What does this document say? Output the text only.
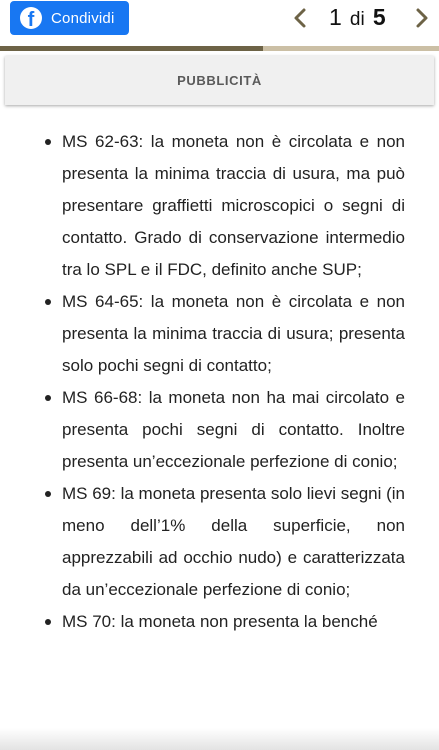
f	Condividi	1 di 5
PUBBLICITÀ
MS 62-63: la moneta non è circolata e non presenta la minima traccia di usura, ma può presentare graffietti microscopici o segni di contatto. Grado di conservazione intermedio tra lo SPL e il FDC, definito anche SUP;
MS 64-65: la moneta non è circolata e non presenta la minima traccia di usura; presenta solo pochi segni di contatto;
MS 66-68: la moneta non ha mai circolato e presenta pochi segni di contatto. Inoltre presenta un’eccezionale perfezione di conio;
MS 69: la moneta presenta solo lievi segni (in meno dell’1% della superficie, non apprezzabili ad occhio nudo) e caratterizzata da un’eccezionale perfezione di conio;
MS 70: la moneta non presenta la benché
